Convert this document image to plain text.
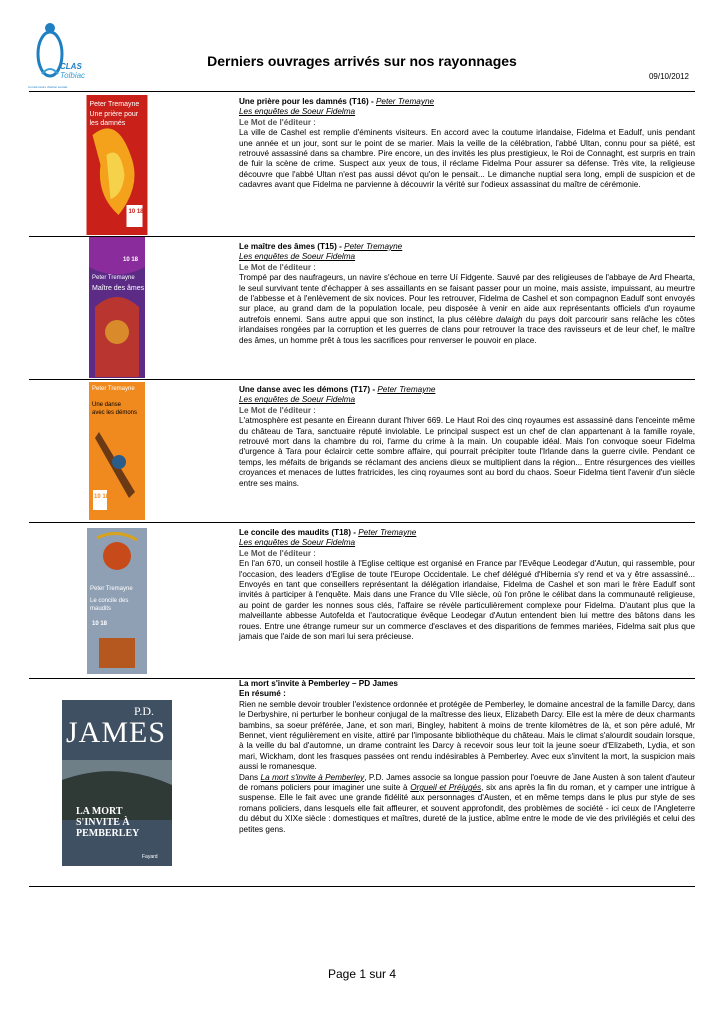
CLAS
Tolbiac
Comité loisirs d'action sociale
Derniers ouvrages arrivés sur nos rayonnages
09/10/2012
Peter Tremayne
Une prière pour
les damnés
10 18
Une prière pour les damnés (T16) - Peter Tremayne
Les enquêtes de Soeur Fidelma
Le Mot de l'éditeur :
La ville de Cashel est remplie d'éminents visiteurs. En accord avec la coutume irlandaise, Fidelma et Eadulf, unis pendant une année et un jour, sont sur le point de se marier. Mais la veille de la célébration, l'abbé Ultan, connu pour sa piété, est retrouvé assassiné dans sa chambre. Pire encore, un des invités les plus prestigieux, le Roi de Connaght, est surpris en train de fuir la scène de crime. Suspect aux yeux de tous, il réclame Fidelma Pour assurer sa défense. Très vite, la religieuse découvre que l'abbé Ultan n'est pas aussi dévot qu'on le pensait... Le dimanche nuptial sera long, empli de suspicion et de cadavres avant que Fidelma ne parvienne à découvrir la vérité sur l'odieux assassinat du maître de cérémonie.
10 18
Peter Tremayne
Maître des âmes
Le maître des âmes (T15) - Peter Tremayne
Les enquêtes de Soeur Fidelma
Le Mot de l'éditeur :
Trompé par des naufrageurs, un navire s'échoue en terre Uí Fidgente. Sauvé par des religieuses de l'abbaye de Ard Fhearta, le seul survivant tente d'échapper à ses assaillants en se faisant passer pour un moine, mais assiste, impuissant, au meurtre de l'abbesse et à l'enlèvement de six novices. Pour les retrouver, Fidelma de Cashel et son compagnon Eadulf sont envoyés sur place, au grand dam de la population locale, peu disposée à venir en aide aux représentants officiels d'un royaume autrefois ennemi. Sans autre appui que son instinct, la plus célèbre dalaigh du pays doit parcourir sans relâche les côtes irlandaises rongées par la corruption et les guerres de clans pour retrouver la trace des ravisseurs et de leur chef, le maître des âmes, un homme prêt à tous les sacrifices pour renverser le pouvoir en place.
Peter Tremayne
Une danse
avec les démons
10 18
Une danse avec les démons (T17) - Peter Tremayne
Les enquêtes de Soeur Fidelma
Le Mot de l'éditeur :
L'atmosphère est pesante en Éireann durant l'hiver 669. Le Haut Roi des cinq royaumes est assassiné dans l'enceinte même du château de Tara, sanctuaire réputé inviolable. Le principal suspect est un chef de clan appartenant à la famille royale, retrouvé mort dans la chambre du roi, l'arme du crime à la main. Un coupable idéal. Mais l'on convoque soeur Fidelma d'urgence à Tara pour éclaircir cette sombre affaire, qui pourrait précipiter toute l'Irlande dans la guerre civile. Pendant ce temps, les méfaits de brigands se réclamant des anciens dieux se multiplient dans la région... Entre résurgences des vieilles croyances et menaces de luttes fratricides, les cinq royaumes sont au bord du chaos. Soeur Fidelma tient l'avenir d'un siècle entre ses mains.
Peter Tremayne
Le concile des
maudits
10 18
Le concile des maudits (T18) - Peter Tremayne
Les enquêtes de Soeur Fidelma
Le Mot de l'éditeur :
En l'an 670, un conseil hostile à l'Eglise celtique est organisé en France par l'Evêque Leodegar d'Autun, qui rassemble, pour l'occasion, des leaders d'Eglise de toute l'Europe Occidentale. Le chef délégué d'Hibernia s'y rend et va y être assassiné... Envoyés en tant que conseillers représentant la délégation irlandaise, Fidelma de Cashel et son mari le frère Eadulf sont invités à participer à l'enquête. Mais dans une France du VIIe siècle, où l'on prône le célibat dans la communauté religieuse, au point de garder les nonnes sous clés, l'affaire se révèle particulièrement complexe pour Fidelma. D'autant plus que la malveillante abbesse Autofelda et l'autocratique évêque Leodegar d'Autun entendent bien lui mettre des bâtons dans les roues. Entre une étrange rumeur sur un commerce d'esclaves et des disparitions de femmes mariées, Fidelma sait plus que jamais que l'aide de son mari lui sera précieuse.
P.D.
JAMES
LA MORT
S'INVITE À
PEMBERLEY
Fayard
La mort s'invite à Pemberley – PD James
En résumé :

Rien ne semble devoir troubler l'existence ordonnée et protégée de Pemberley, le domaine ancestral de la famille Darcy, dans le Derbyshire, ni perturber le bonheur conjugal de la maîtresse des lieux, Elizabeth Darcy. Elle est la mère de deux charmants bambins, sa soeur préférée, Jane, et son mari, Bingley, habitent à moins de trente kilomètres de là, et son père adulé, Mr Bennet, vient régulièrement en visite, attiré par l'imposante bibliothèque du château. Mais le climat s'alourdit soudain lorsque, à la veille du bal d'automne, un drame contraint les Darcy à recevoir sous leur toit la jeune soeur d'Elizabeth, Lydia, et son mari, Wickham, dont les frasques passées ont rendu indésirables à Pemberley. Avec eux s'invitent la mort, la suspicion mais aussi le romanesque.

Dans La mort s'invite à Pemberley, P.D. James associe sa longue passion pour l'oeuvre de Jane Austen à son talent d'auteur de romans policiers pour imaginer une suite à Orgueil et Préjugés, six ans après la fin du roman, et y camper une intrigue à suspense. Elle le fait avec une grande fidélité aux personnages d'Austen, et en même temps dans le plus pur style de ses romans policiers, dans lesquels elle fait affleurer, et souvent approfondit, des problèmes de société - ici ceux de l'Angleterre du début du XIXe siècle : domestiques et maîtres, dureté de la justice, abîme entre le mode de vie des privilégiés et celui des petites gens.

Page 1 sur 4
